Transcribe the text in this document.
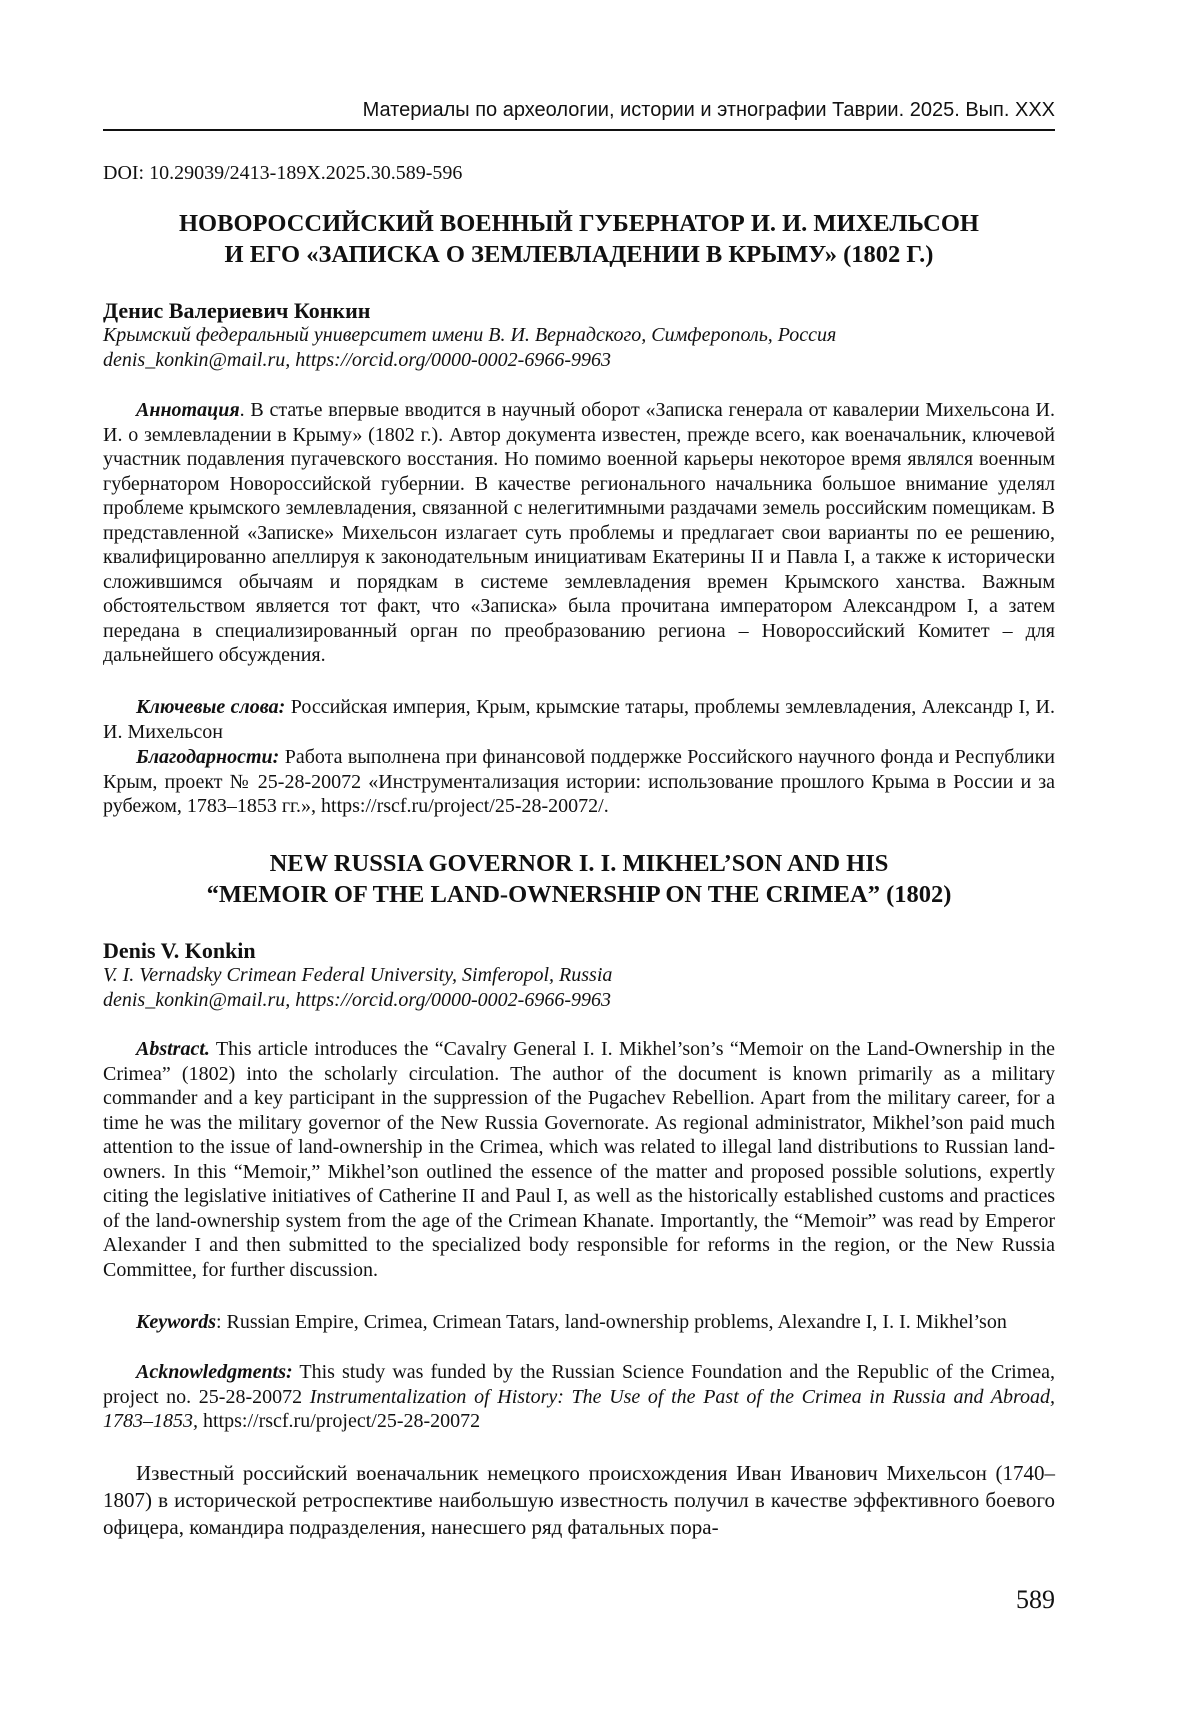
Материалы по археологии, истории и этнографии Таврии. 2025. Вып. XXX
DOI: 10.29039/2413-189X.2025.30.589-596
НОВОРОССИЙСКИЙ ВОЕННЫЙ ГУБЕРНАТОР И. И. МИХЕЛЬСОН
И ЕГО «ЗАПИСКА О ЗЕМЛЕВЛАДЕНИИ В КРЫМУ» (1802 Г.)
Денис Валериевич Конкин
Крымский федеральный университет имени В. И. Вернадского, Симферополь, Россия
denis_konkin@mail.ru, https://orcid.org/0000-0002-6966-9963

Аннотация. В статье впервые вводится в научный оборот «Записка генерала от кавалерии Михельсона И. И. о землевладении в Крыму» (1802 г.). Автор документа известен, прежде всего, как военачальник, ключевой участник подавления пугачевского восстания. Но помимо военной карьеры некоторое время являлся военным губернатором Новороссийской губернии. В качестве регионального начальника большое внимание уделял проблеме крымского землевладения, связанной с нелегитимными раздачами земель российским помещикам. В представленной «Записке» Михельсон излагает суть проблемы и предлагает свои варианты по ее решению, квалифицированно апеллируя к законодательным инициативам Екатерины II и Павла I, а также к исторически сложившимся обычаям и порядкам в системе землевладения времен Крымского ханства. Важным обстоятельством является тот факт, что «Записка» была прочитана императором Александром I, а затем передана в специализированный орган по преобразованию региона – Новороссийский Комитет – для дальнейшего обсуждения.

Ключевые слова: Российская империя, Крым, крымские татары, проблемы землевладения, Александр I, И. И. Михельсон

Благодарности: Работа выполнена при финансовой поддержке Российского научного фонда и Республики Крым, проект № 25-28-20072 «Инструментализация истории: использование прошлого Крыма в России и за рубежом, 1783–1853 гг.», https://rscf.ru/project/25-28-20072/.

NEW RUSSIA GOVERNOR I. I. MIKHEL’SON AND HIS
“MEMOIR OF THE LAND-OWNERSHIP ON THE CRIMEA” (1802)
Denis V. Konkin
V. I. Vernadsky Crimean Federal University, Simferopol, Russia
denis_konkin@mail.ru, https://orcid.org/0000-0002-6966-9963

Abstract. This article introduces the “Cavalry General I. I. Mikhel’son’s “Memoir on the Land-Ownership in the Crimea” (1802) into the scholarly circulation. The author of the document is known primarily as a military commander and a key participant in the suppression of the Pugachev Rebellion. Apart from the military career, for a time he was the military governor of the New Russia Governorate. As regional administrator, Mikhel’son paid much attention to the issue of land-ownership in the Crimea, which was related to illegal land distributions to Russian land-owners. In this “Memoir,” Mikhel’son outlined the essence of the matter and proposed possible solutions, expertly citing the legislative initiatives of Catherine II and Paul I, as well as the historically established customs and practices of the land-ownership system from the age of the Crimean Khanate. Importantly, the “Memoir” was read by Emperor Alexander I and then submitted to the specialized body responsible for reforms in the region, or the New Russia Committee, for further discussion.

Keywords: Russian Empire, Crimea, Crimean Tatars, land-ownership problems, Alexandre I, I. I. Mikhel’son

Acknowledgments: This study was funded by the Russian Science Foundation and the Republic of the Crimea, project no. 25-28-20072 Instrumentalization of History: The Use of the Past of the Crimea in Russia and Abroad, 1783–1853, https://rscf.ru/project/25-28-20072

Известный российский военачальник немецкого происхождения Иван Иванович Михельсон (1740–1807) в исторической ретроспективе наибольшую известность получил в качестве эффективного боевого офицера, командира подразделения, нанесшего ряд фатальных пора-

589
